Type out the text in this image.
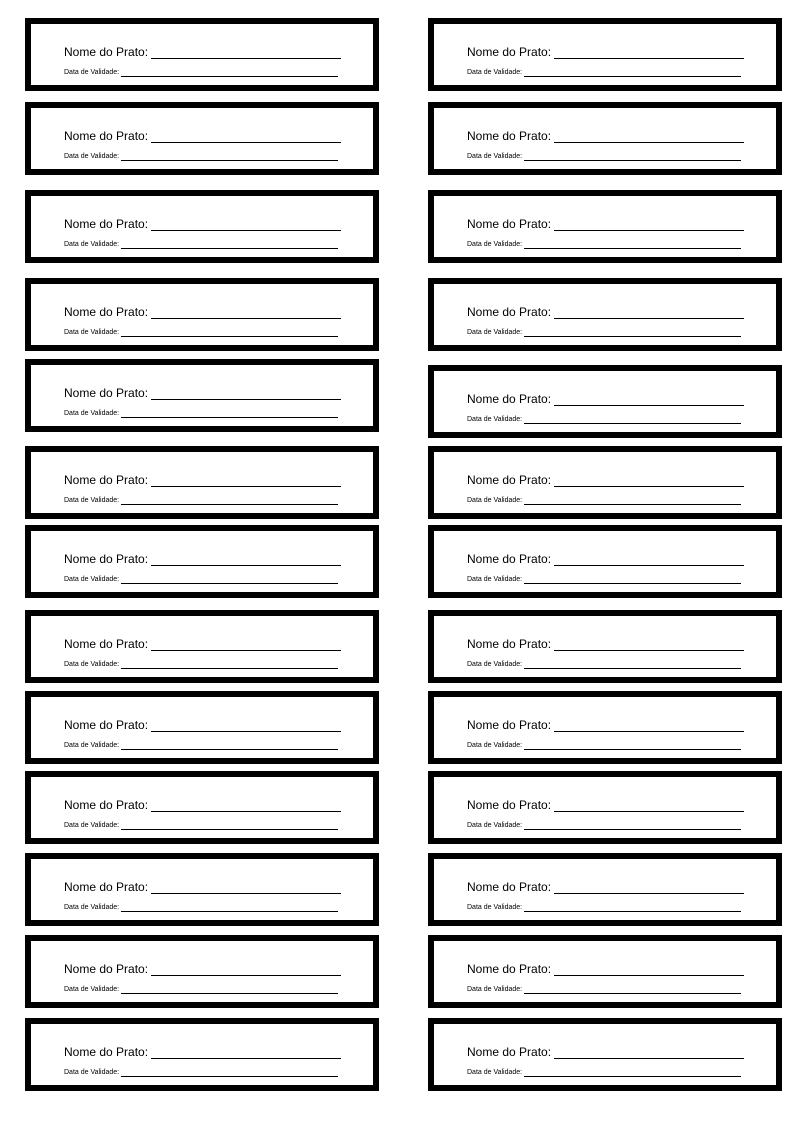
Nome do Prato:
Data de Validade:
Nome do Prato:
Data de Validade:
Nome do Prato:
Data de Validade:
Nome do Prato:
Data de Validade:
Nome do Prato:
Data de Validade:
Nome do Prato:
Data de Validade:
Nome do Prato:
Data de Validade:
Nome do Prato:
Data de Validade:
Nome do Prato:
Data de Validade:
Nome do Prato:
Data de Validade:
Nome do Prato:
Data de Validade:
Nome do Prato:
Data de Validade:
Nome do Prato:
Data de Validade:
Nome do Prato:
Data de Validade:
Nome do Prato:
Data de Validade:
Nome do Prato:
Data de Validade:
Nome do Prato:
Data de Validade:
Nome do Prato:
Data de Validade:
Nome do Prato:
Data de Validade:
Nome do Prato:
Data de Validade:
Nome do Prato:
Data de Validade:
Nome do Prato:
Data de Validade:
Nome do Prato:
Data de Validade:
Nome do Prato:
Data de Validade:
Nome do Prato:
Data de Validade:
Nome do Prato:
Data de Validade:
